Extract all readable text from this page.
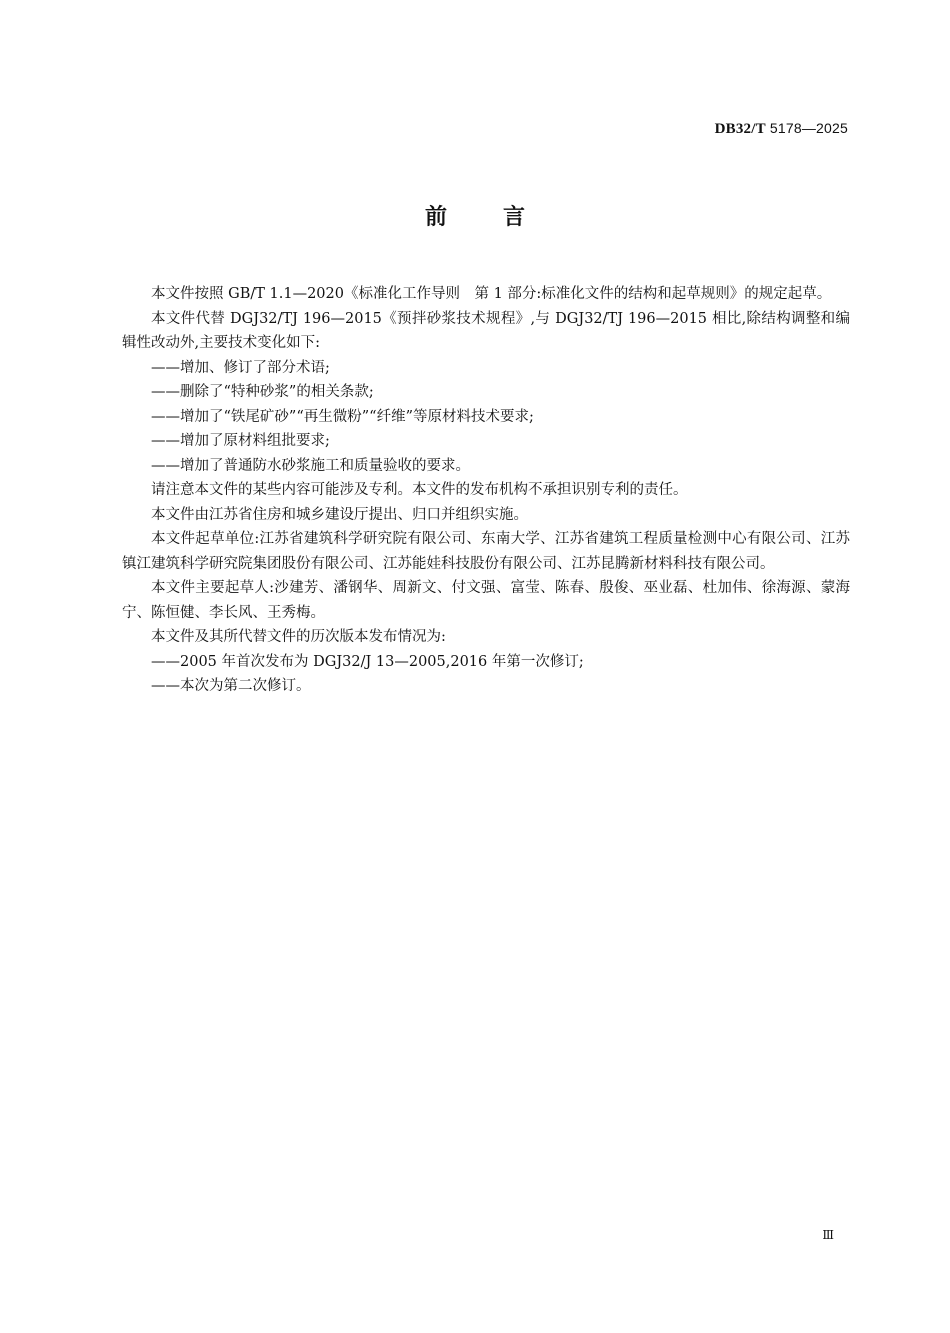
DB32/T 5178—2025
前言

本文件按照 GB/T 1.1—2020《标准化工作导则　第 1 部分:标准化文件的结构和起草规则》的规定起草。

本文件代替 DGJ32/TJ 196—2015《预拌砂浆技术规程》,与 DGJ32/TJ 196—2015 相比,除结构调整和编辑性改动外,主要技术变化如下:

——增加、修订了部分术语;

——删除了“特种砂浆”的相关条款;

——增加了“铁尾矿砂”“再生微粉”“纤维”等原材料技术要求;

——增加了原材料组批要求;

——增加了普通防水砂浆施工和质量验收的要求。

请注意本文件的某些内容可能涉及专利。本文件的发布机构不承担识别专利的责任。

本文件由江苏省住房和城乡建设厅提出、归口并组织实施。

本文件起草单位:江苏省建筑科学研究院有限公司、东南大学、江苏省建筑工程质量检测中心有限公司、江苏镇江建筑科学研究院集团股份有限公司、江苏能娃科技股份有限公司、江苏昆腾新材料科技有限公司。

本文件主要起草人:沙建芳、潘钢华、周新文、付文强、富莹、陈春、殷俊、巫业磊、杜加伟、徐海源、蒙海宁、陈恒健、李长风、王秀梅。

本文件及其所代替文件的历次版本发布情况为:

——2005 年首次发布为 DGJ32/J 13—2005,2016 年第一次修订;

——本次为第二次修订。

Ⅲ
